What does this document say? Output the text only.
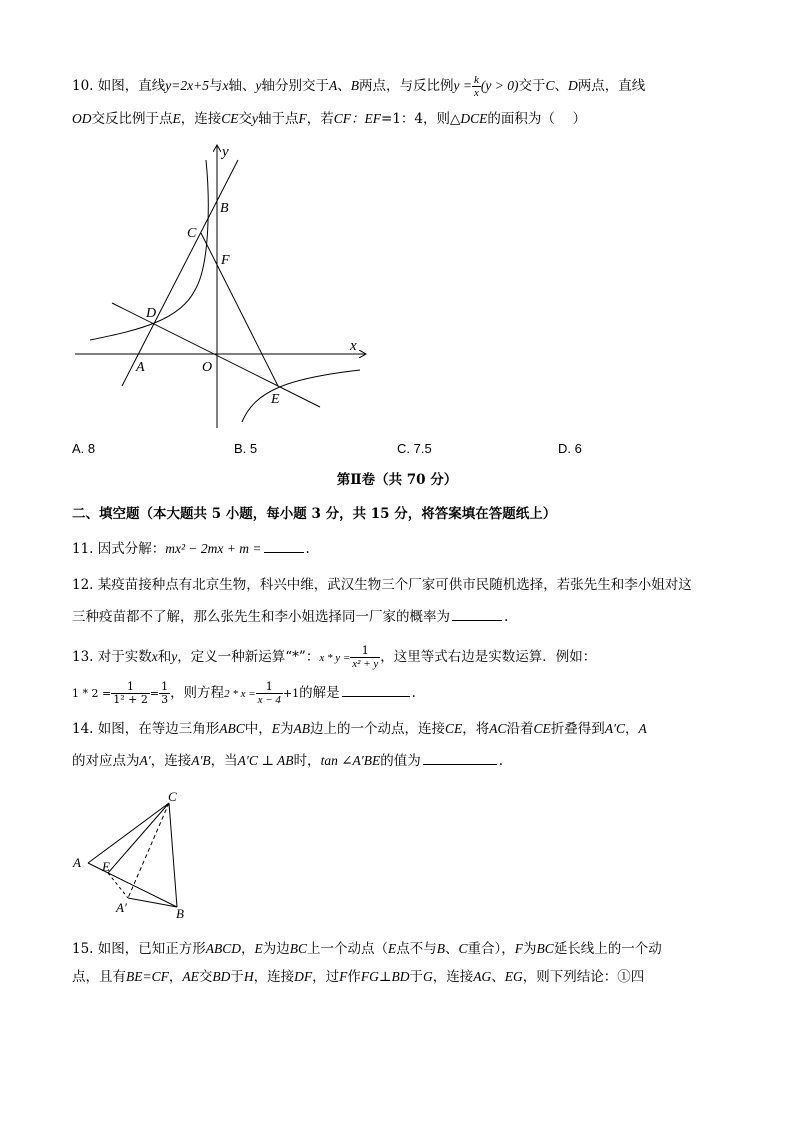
10. 如图，直线y=2x+5与x轴、y轴分别交于A、B两点，与反比例$y = \frac{k}{x} (y > 0)$交于C、D两点，直线
OD交反比例于点E，连接CE交y轴于点F，若CF：EF=1：4，则△DCE的面积为（　 ）
y
x
B
C
F
D
A	O
E
A. 8	B. 5	C. 7.5	D. 6
第Ⅱ卷（共 70 分）
二、填空题（本大题共 5 小题，每小题 3 分，共 15 分，将答案填在答题纸上）
11. 因式分解：mx² − 2mx + m =	.
12. 某疫苗接种点有北京生物，科兴中维，武汉生物三个厂家可供市民随机选择，若张先生和李小姐对这
三种疫苗都不了解，那么张先生和李小姐选择同一厂家的概率为	.
13. 对于实数x和y，定义一种新运算“*”：$x * y = \frac{1}{\text{x² + y}}$ ，这里等式右边是实数运算．例如：
$1 * 2 = \frac{1}{\text{1² + 2}} = \frac{1}{3}$ ，则方程$2 * x = \frac{1}{x - 4} +1$的解是	.
14. 如图，在等边三角形ABC中，E为AB边上的一个动点，连接CE，将AC沿着CE折叠得到A′C，A
的对应点为A′，连接A′B，当A′C ⊥ AB时，tan ∠A′BE的值为	.
C
A E
A′	B
15. 如图，已知正方形ABCD，E为边BC上一个动点（E点不与B、C重合），F为BC延长线上的一个动
点，且有BE=CF，AE交BD于H，连接DF，过F作FG⊥BD于G，连接AG、EG，则下列结论：①四
